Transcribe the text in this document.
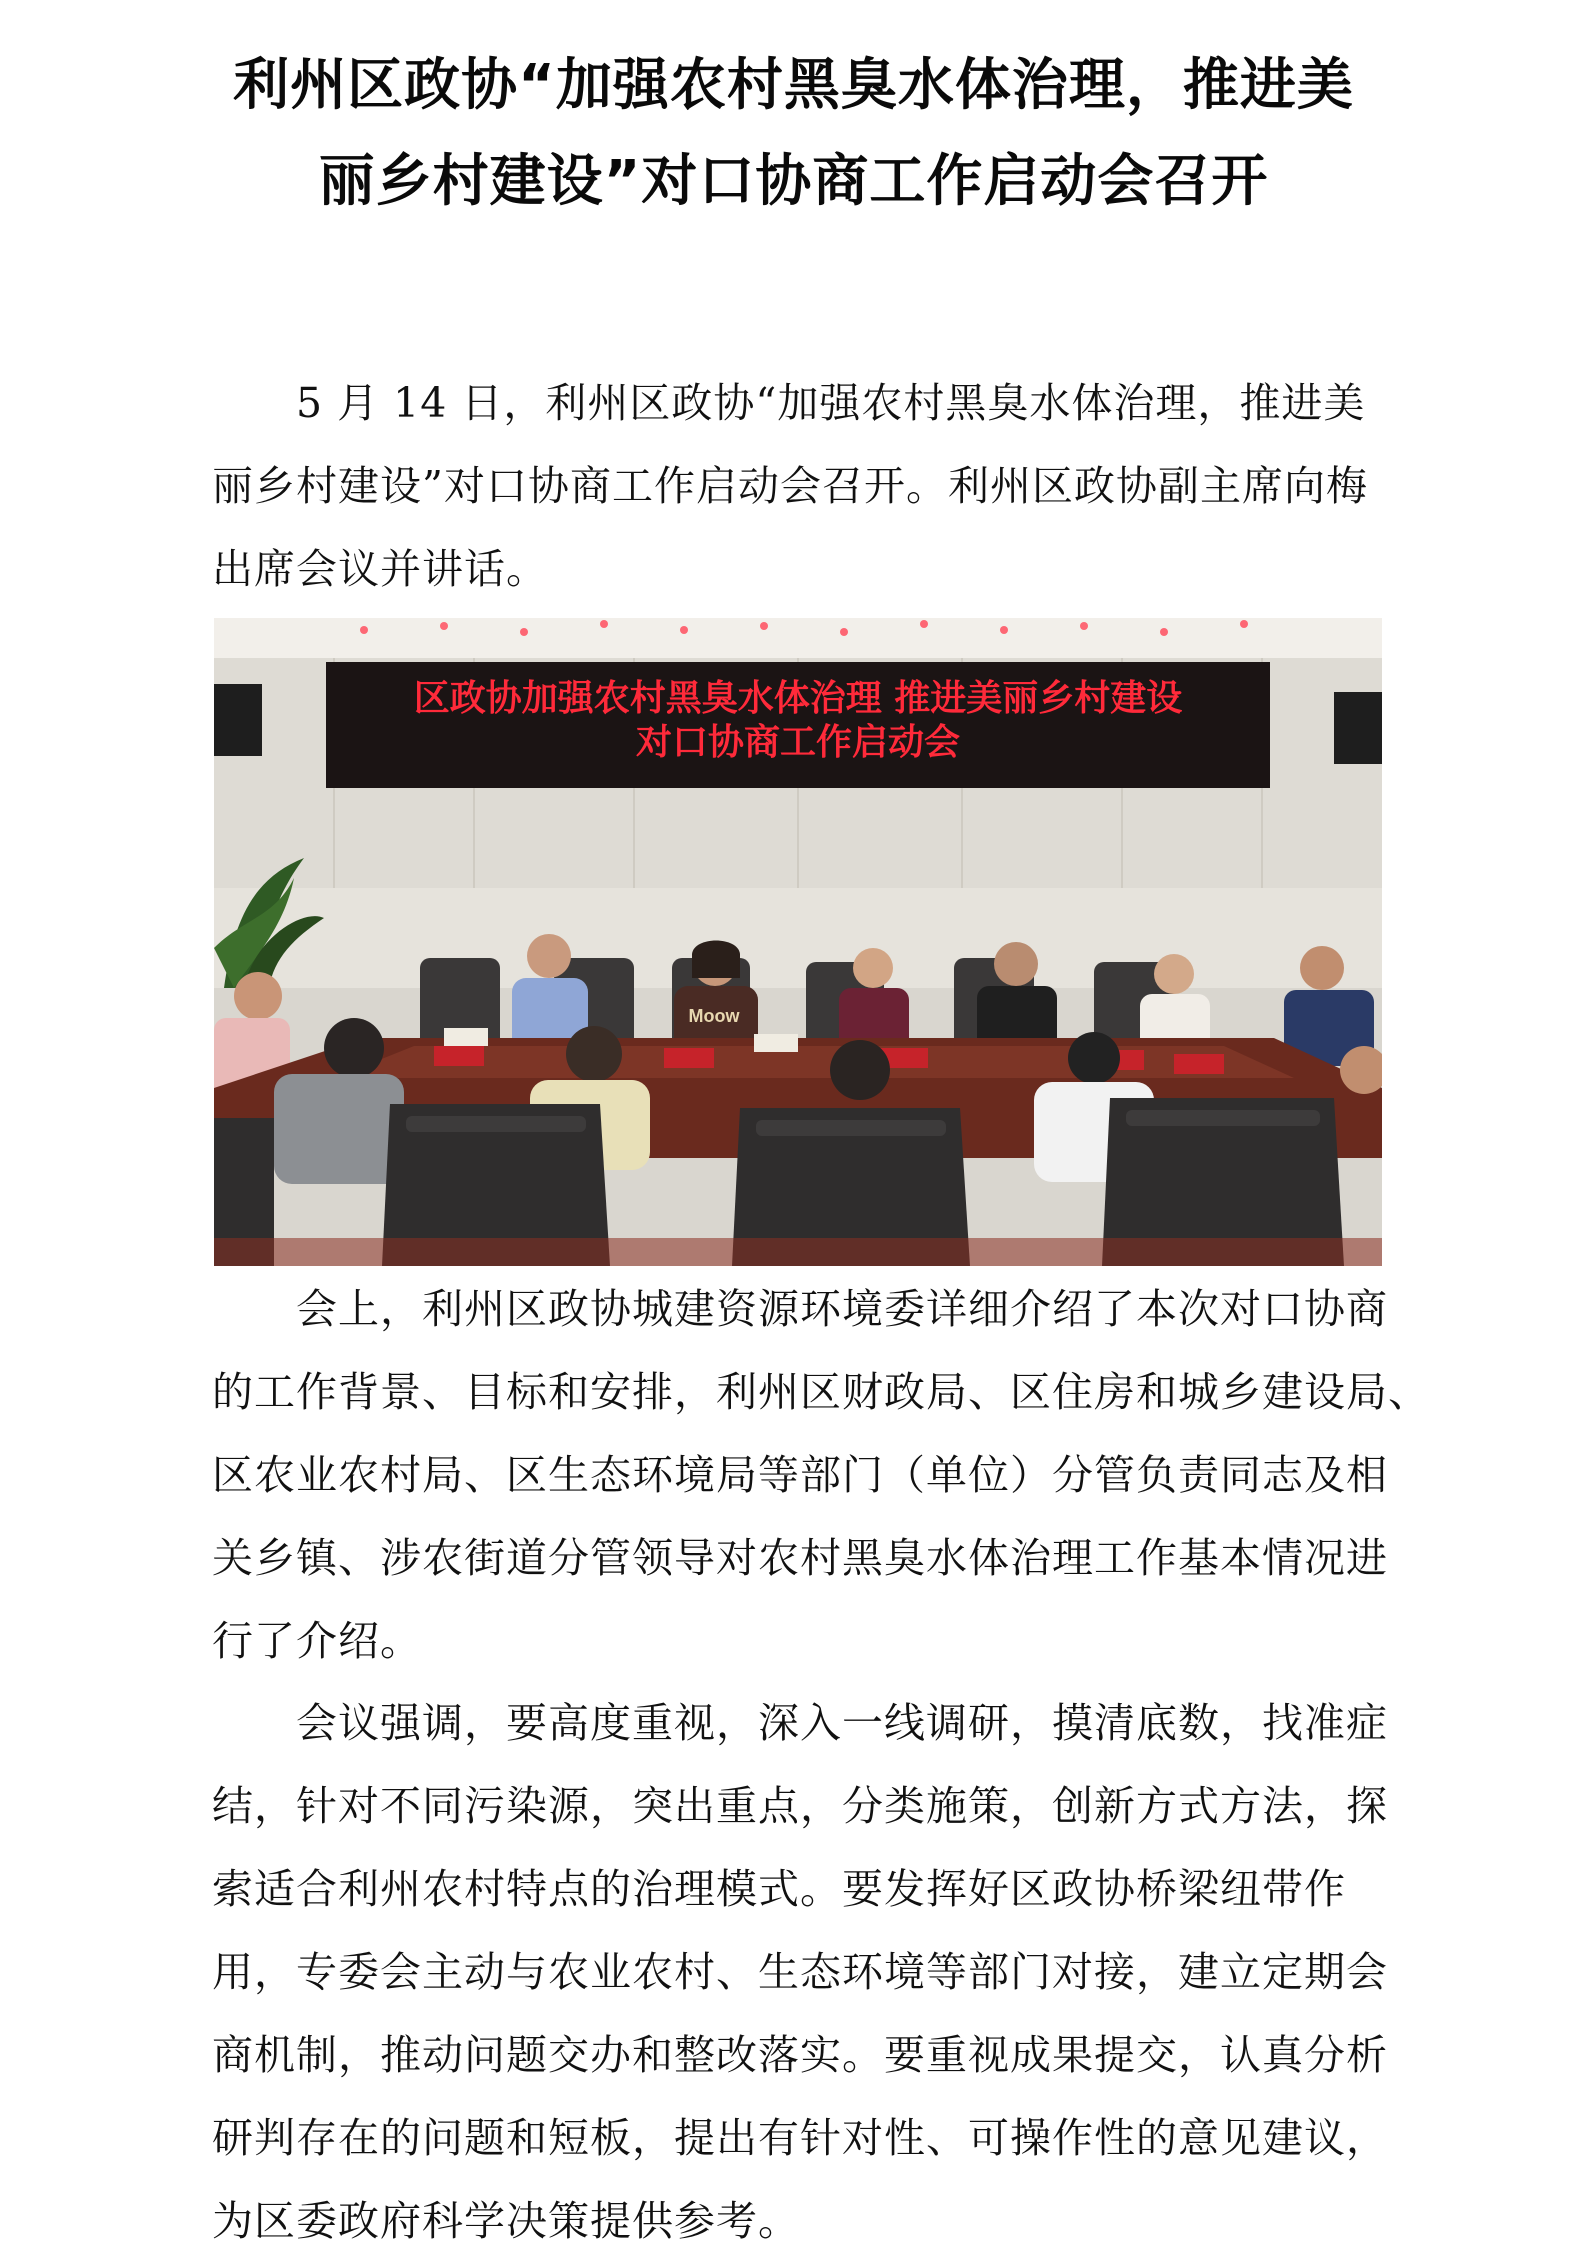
利州区政协“加强农村黑臭水体治理，推进美
丽乡村建设”对口协商工作启动会召开

5 月 14 日，利州区政协“加强农村黑臭水体治理，推进美
丽乡村建设”对口协商工作启动会召开。利州区政协副主席向梅
出席会议并讲话。

区政协加强农村黑臭水体治理 推进美丽乡村建设
对口协商工作启动会
Moow

会上，利州区政协城建资源环境委详细介绍了本次对口协商
的工作背景、目标和安排，利州区财政局、区住房和城乡建设局、
区农业农村局、区生态环境局等部门（单位）分管负责同志及相
关乡镇、涉农街道分管领导对农村黑臭水体治理工作基本情况进
行了介绍。

会议强调，要高度重视，深入一线调研，摸清底数，找准症
结，针对不同污染源，突出重点，分类施策，创新方式方法，探
索适合利州农村特点的治理模式。要发挥好区政协桥梁纽带作
用，专委会主动与农业农村、生态环境等部门对接，建立定期会
商机制，推动问题交办和整改落实。要重视成果提交，认真分析
研判存在的问题和短板，提出有针对性、可操作性的意见建议，
为区委政府科学决策提供参考。
